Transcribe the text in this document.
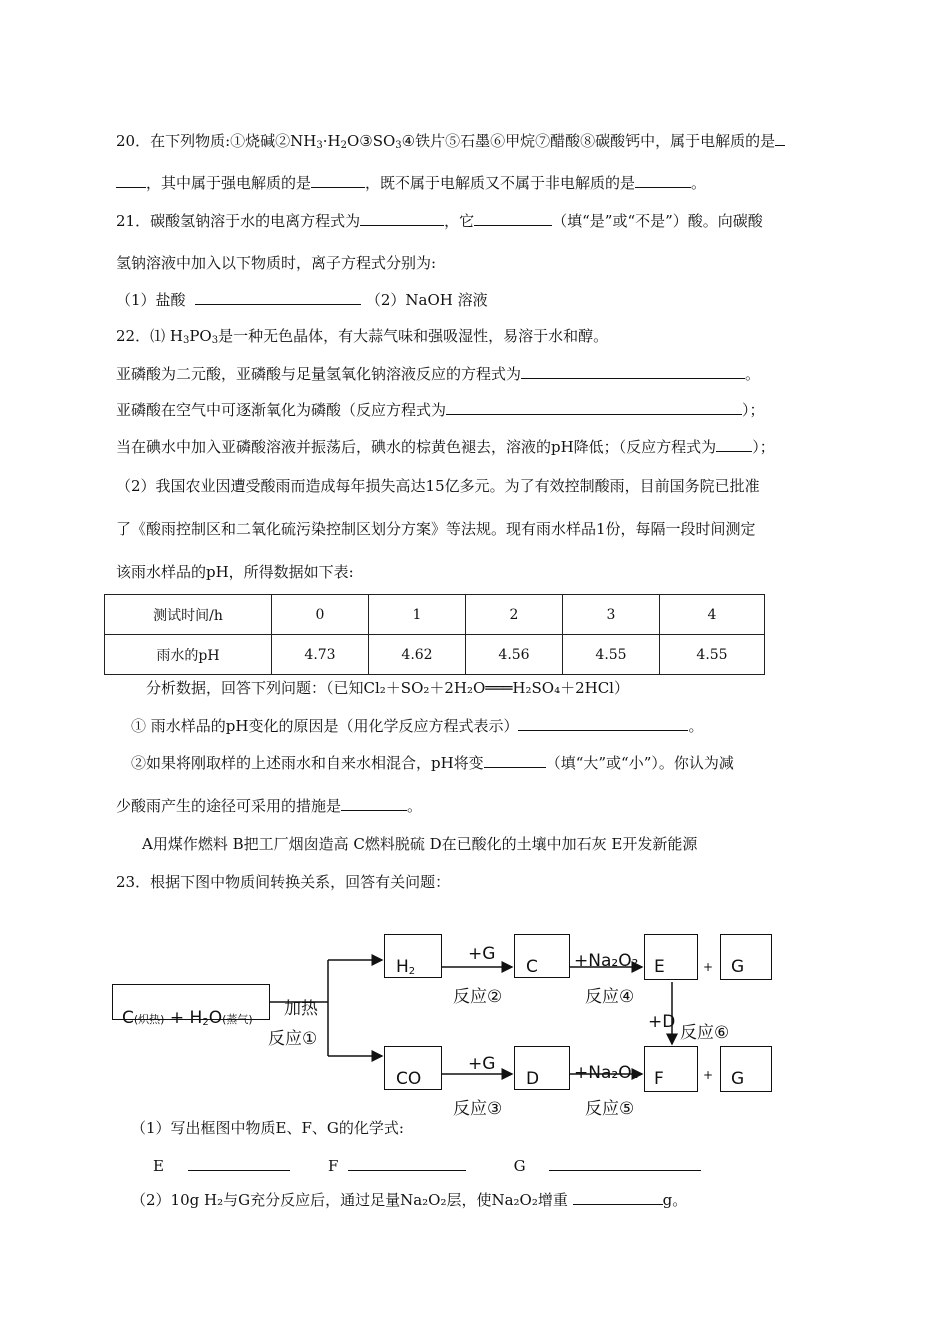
20．在下列物质:①烧碱$②NH_3\cdot H_2O③SO_3④$铁片⑤石墨⑥甲烷⑦醋酸⑧碳酸钙中，属于电解质的是
，其中属于强电解质的是	，既不属于电解质又不属于非电解质的是	。
21．碳酸氢钠溶于水的电离方程式为	，它	（填“是”或“不是”）酸。向碳酸
氢钠溶液中加入以下物质时，离子方程式分别为:
（1）盐酸	（2）NaOH 溶液
22．⑴ $H_3PO_3$是一种无色晶体，有大蒜气味和强吸湿性，易溶于水和醇。
亚磷酸为二元酸，亚磷酸与足量氢氧化钠溶液反应的方程式为	。
亚磷酸在空气中可逐渐氧化为磷酸（反应方程式为	）；
当在碘水中加入亚磷酸溶液并振荡后，碘水的棕黄色褪去，溶液的pH降低；（反应方程式为 ）；
（2）我国农业因遭受酸雨而造成每年损失高达15亿多元。为了有效控制酸雨，目前国务院已批准
了《酸雨控制区和二氧化硫污染控制区划分方案》等法规。现有雨水样品1份，每隔一段时间测定
该雨水样品的pH，所得数据如下表:
测试时间/h	0	1	2	3	4
雨水的pH	4.73	4.62	4.56	4.55	4.55
分析数据，回答下列问题：（已知Cl₂＋SO₂＋2H₂O═══H₂SO₄＋2HCl）
① 雨水样品的pH变化的原因是（用化学反应方程式表示）	。
②如果将刚取样的上述雨水和自来水相混合，pH将变	（填“大”或“小”）。你认为减
少酸雨产生的途径可采用的措施是	。
A用煤作燃料 B把工厂烟囱造高 C燃料脱硫 D在已酸化的土壤中加石灰 E开发新能源
23．根据下图中物质间转换关系，回答有关问题：
C(炽热) + $H_2O$(蒸气)
加热
反应①
$H_2$
CO
+G
反应②
+G
反应③
C
D
+Na₂O₂
反应④
+Na₂O₂
反应⑤
E	+ G
+D
反应⑥
F	+ G
（1）写出框图中物质E、F、G的化学式:
E	F	G
（2）10g H₂与G充分反应后，通过足量Na₂O₂层，使Na₂O₂增重	g。
